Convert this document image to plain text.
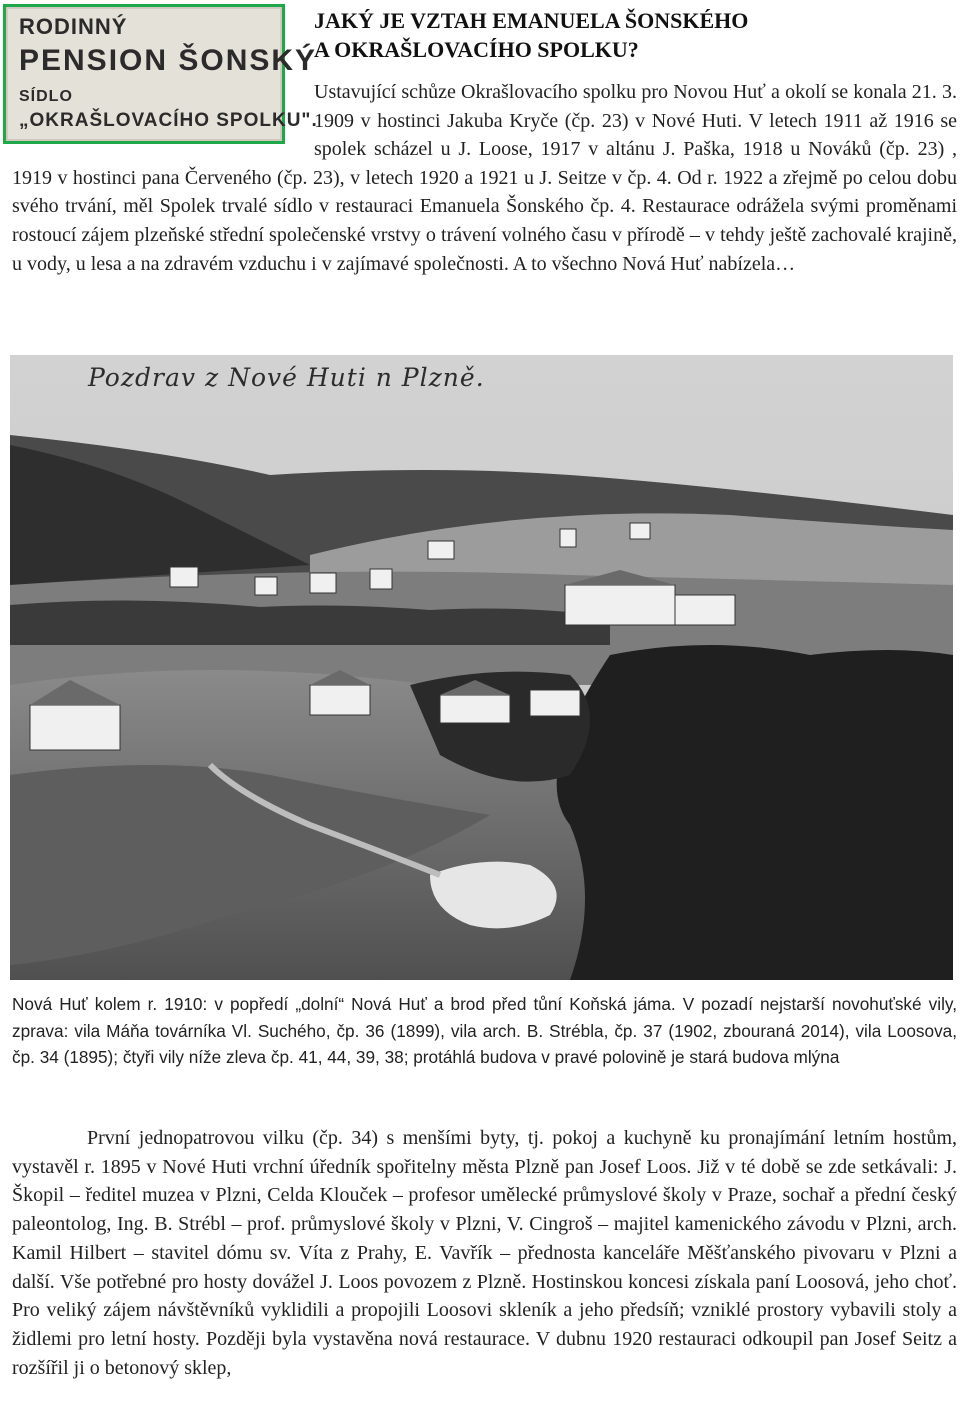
RODINNÝ
PENSION ŠONSKÝ
SÍDLO
„OKRAŠLOVACÍHO SPOLKU".
JAKÝ JE VZTAH EMANUELA ŠONSKÉHO
A OKRAŠLOVACÍHO SPOLKU?

Ustavující schůze Okrašlovacího spolku pro Novou Huť a okolí se konala 21. 3. 1909 v hostinci Jakuba Kryče (čp. 23) v Nové Huti. V letech 1911 až 1916 se spolek scházel u J. Loose, 1917 v altánu J. Paška, 1918 u Nováků (čp. 23) , 1919 v hostinci pana Červeného (čp. 23), v letech 1920 a 1921 u J. Seitze v čp. 4. Od r. 1922 a zřejmě po celou dobu svého trvání, měl Spolek trvalé sídlo v restauraci Emanuela Šonského čp. 4. Restaurace odrážela svými proměnami rostoucí zájem plzeňské střední společenské vrstvy o trávení volného času v přírodě – v tehdy ještě zachovalé krajině, u vody, u lesa a na zdravém vzduchu i v zajímavé společnosti. A to všechno Nová Huť nabízela…

Pozdrav z Nové Huti n Plzně.

Nová Huť kolem r. 1910: v popředí „dolní“ Nová Huť a brod před tůní Koňská jáma. V pozadí nejstarší novohuťské vily, zprava: vila Máňa továrníka Vl. Suchého, čp. 36 (1899), vila arch. B. Strébla, čp. 37 (1902, zbouraná 2014), vila Loosova, čp. 34 (1895); čtyři vily níže zleva čp. 41, 44, 39, 38; protáhlá budova v pravé polovině je stará budova mlýna

První jednopatrovou vilku (čp. 34) s menšími byty, tj. pokoj a kuchyně ku pronajímání letním hostům, vystavěl r. 1895 v Nové Huti vrchní úředník spořitelny města Plzně pan Josef Loos. Již v té době se zde setkávali: J. Škopil – ředitel muzea v Plzni, Celda Klouček – profesor umělecké průmyslové školy v Praze, sochař a přední český paleontolog, Ing. B. Strébl – prof. průmyslové školy v Plzni, V. Cingroš – majitel kamenického závodu v Plzni, arch. Kamil Hilbert – stavitel dómu sv. Víta z Prahy, E. Vavřík – přednosta kanceláře Měšťanského pivovaru v Plzni a další. Vše potřebné pro hosty dovážel J. Loos povozem z Plzně. Hostinskou koncesi získala paní Loosová, jeho choť. Pro veliký zájem návštěvníků vyklidili a propojili Loosovi skleník a jeho předsíň; vzniklé prostory vybavili stoly a židlemi pro letní hosty. Později byla vystavěna nová restaurace. V dubnu 1920 restauraci odkoupil pan Josef Seitz a rozšířil ji o betonový sklep,
